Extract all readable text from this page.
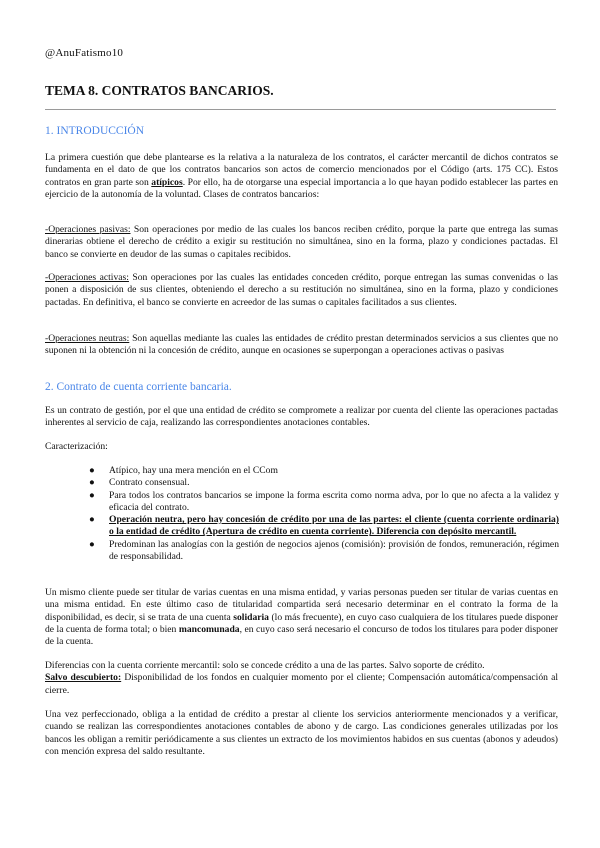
@AnuFatismo10
TEMA 8. CONTRATOS BANCARIOS.
1. INTRODUCCIÓN

La primera cuestión que debe plantearse es la relativa a la naturaleza de los contratos, el carácter mercantil de dichos contratos se fundamenta en el dato de que los contratos bancarios son actos de comercio mencionados por el Código (arts. 175 CC). Estos contratos en gran parte son atípicos. Por ello, ha de otorgarse una especial importancia a lo que hayan podido establecer las partes en ejercicio de la autonomía de la voluntad. Clases de contratos bancarios:

-Operaciones pasivas: Son operaciones por medio de las cuales los bancos reciben crédito, porque la parte que entrega las sumas dinerarias obtiene el derecho de crédito a exigir su restitución no simultánea, sino en la forma, plazo y condiciones pactadas. El banco se convierte en deudor de las sumas o capitales recibidos.

-Operaciones activas: Son operaciones por las cuales las entidades conceden crédito, porque entregan las sumas convenidas o las ponen a disposición de sus clientes, obteniendo el derecho a su restitución no simultánea, sino en la forma, plazo y condiciones pactadas. En definitiva, el banco se convierte en acreedor de las sumas o capitales facilitados a sus clientes.

-Operaciones neutras: Son aquellas mediante las cuales las entidades de crédito prestan determinados servicios a sus clientes que no suponen ni la obtención ni la concesión de crédito, aunque en ocasiones se superpongan a operaciones activas o pasivas

2. Contrato de cuenta corriente bancaria.

Es un contrato de gestión, por el que una entidad de crédito se compromete a realizar por cuenta del cliente las operaciones pactadas inherentes al servicio de caja, realizando las correspondientes anotaciones contables.

Caracterización:

● Atípico, hay una mera mención en el CCom
● Contrato consensual.
● Para todos los contratos bancarios se impone la forma escrita como norma adva, por lo que no afecta a la validez y eficacia del contrato.
● Operación neutra, pero hay concesión de crédito por una de las partes: el cliente (cuenta corriente ordinaria) o la entidad de crédito (Apertura de crédito en cuenta corriente). Diferencia con depósito mercantil.
● Predominan las analogías con la gestión de negocios ajenos (comisión): provisión de fondos, remuneración, régimen de responsabilidad.

Un mismo cliente puede ser titular de varias cuentas en una misma entidad, y varias personas pueden ser titular de varias cuentas en una misma entidad. En este último caso de titularidad compartida será necesario determinar en el contrato la forma de la disponibilidad, es decir, si se trata de una cuenta solidaria (lo más frecuente), en cuyo caso cualquiera de los titulares puede disponer de la cuenta de forma total; o bien mancomunada, en cuyo caso será necesario el concurso de todos los titulares para poder disponer de la cuenta.

Diferencias con la cuenta corriente mercantil: solo se concede crédito a una de las partes. Salvo soporte de crédito.
Salvo descubierto: Disponibilidad de los fondos en cualquier momento por el cliente; Compensación automática/compensación al cierre.

Una vez perfeccionado, obliga a la entidad de crédito a prestar al cliente los servicios anteriormente mencionados y a verificar, cuando se realizan las correspondientes anotaciones contables de abono y de cargo. Las condiciones generales utilizadas por los bancos les obligan a remitir periódicamente a sus clientes un extracto de los movimientos habidos en sus cuentas (abonos y adeudos) con mención expresa del saldo resultante.
